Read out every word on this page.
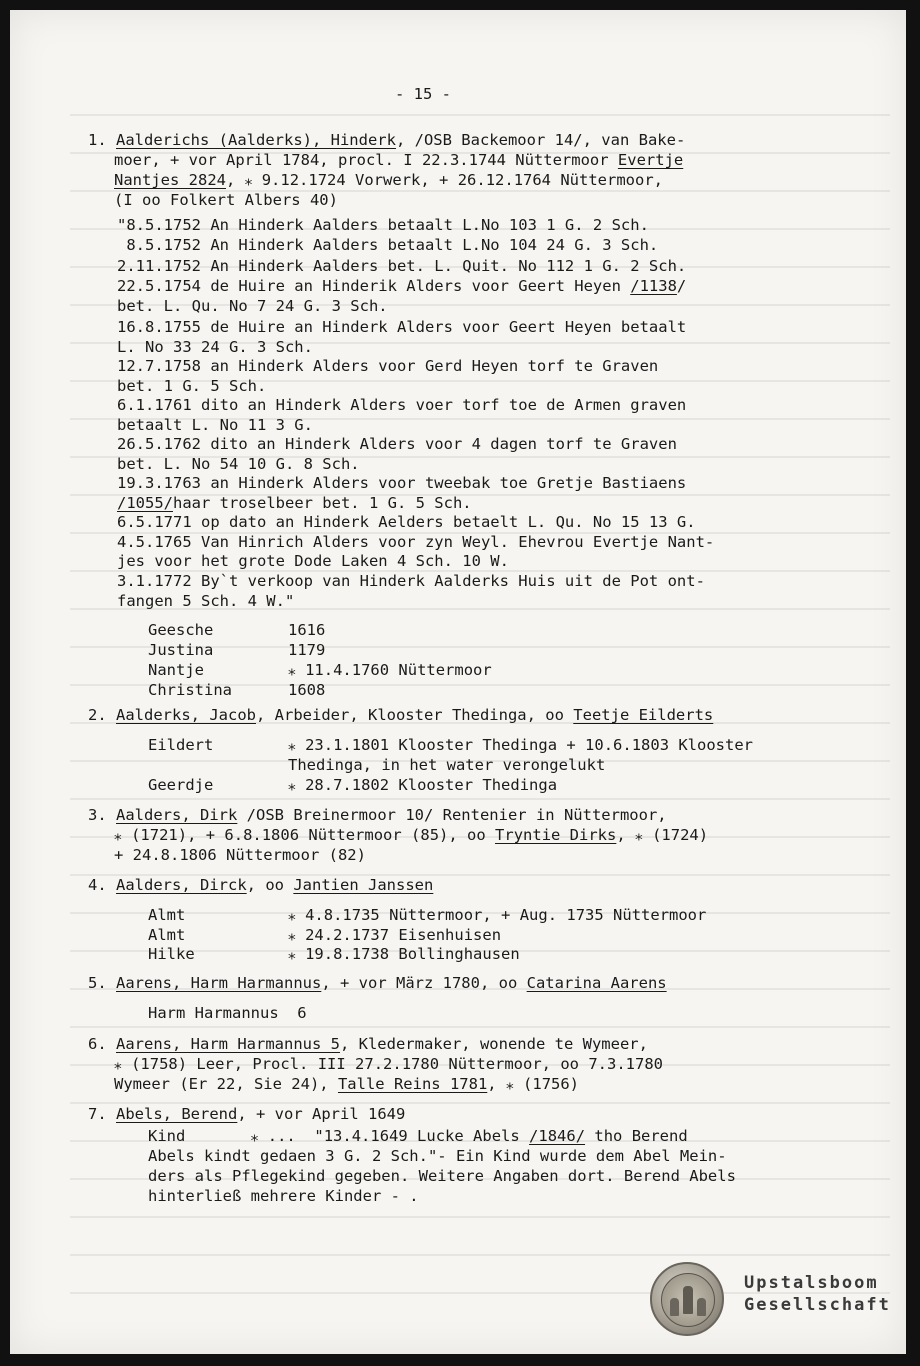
- 15 -
1. Aalderichs (Aalderks), Hinderk, /OSB Backemoor 14/, van Bake-
moer, + vor April 1784, procl. I 22.3.1744 Nüttermoor Evertje
Nantjes 2824, ⁎ 9.12.1724 Vorwerk, + 26.12.1764 Nüttermoor,
(I oo Folkert Albers 40)
"8.5.1752 An Hinderk Aalders betaalt L.No 103 1 G. 2 Sch.
8.5.1752 An Hinderk Aalders betaalt L.No 104 24 G. 3 Sch.
2.11.1752 An Hinderk Aalders bet. L. Quit. No 112 1 G. 2 Sch.
22.5.1754 de Huire an Hinderik Alders voor Geert Heyen /1138/
bet. L. Qu. No 7 24 G. 3 Sch.
16.8.1755 de Huire an Hinderk Alders voor Geert Heyen betaalt
L. No 33 24 G. 3 Sch.
12.7.1758 an Hinderk Alders voor Gerd Heyen torf te Graven
bet. 1 G. 5 Sch.
6.1.1761 dito an Hinderk Alders voer torf toe de Armen graven
betaalt L. No 11 3 G.
26.5.1762 dito an Hinderk Alders voor 4 dagen torf te Graven
bet. L. No 54 10 G. 8 Sch.
19.3.1763 an Hinderk Alders voor tweebak toe Gretje Bastiaens
/1055/haar troselbeer bet. 1 G. 5 Sch.
6.5.1771 op dato an Hinderk Aelders betaelt L. Qu. No 15 13 G.
4.5.1765 Van Hinrich Alders voor zyn Weyl. Ehevrou Evertje Nant-
jes voor het grote Dode Laken 4 Sch. 10 W.
3.1.1772 By`t verkoop van Hinderk Aalderks Huis uit de Pot ont-
fangen 5 Sch. 4 W."
Geesche	1616
Justina	1179
Nantje	⁎ 11.4.1760 Nüttermoor
Christina	1608
2. Aalderks, Jacob, Arbeider, Klooster Thedinga, oo Teetje Eilderts
Eildert	⁎ 23.1.1801 Klooster Thedinga + 10.6.1803 Klooster
Thedinga, in het water verongelukt
Geerdje	⁎ 28.7.1802 Klooster Thedinga
3. Aalders, Dirk /OSB Breinermoor 10/ Rentenier in Nüttermoor,
⁎ (1721), + 6.8.1806 Nüttermoor (85), oo Tryntie Dirks, ⁎ (1724)
+ 24.8.1806 Nüttermoor (82)
4. Aalders, Dirck, oo Jantien Janssen
Almt	⁎ 4.8.1735 Nüttermoor, + Aug. 1735 Nüttermoor
Almt	⁎ 24.2.1737 Eisenhuisen
Hilke	⁎ 19.8.1738 Bollinghausen
5. Aarens, Harm Harmannus, + vor März 1780, oo Catarina Aarens
Harm Harmannus  6
6. Aarens, Harm Harmannus 5, Kledermaker, wonende te Wymeer,
⁎ (1758) Leer, Procl. III 27.2.1780 Nüttermoor, oo 7.3.1780
Wymeer (Er 22, Sie 24), Talle Reins 1781, ⁎ (1756)
7. Abels, Berend, + vor April 1649
Kind       ⁎ ...  "13.4.1649 Lucke Abels /1846/ tho Berend
Abels kindt gedaen 3 G. 2 Sch."- Ein Kind wurde dem Abel Mein-
ders als Pflegekind gegeben. Weitere Angaben dort. Berend Abels
hinterließ mehrere Kinder - .
Upstalsboom
Gesellschaft
